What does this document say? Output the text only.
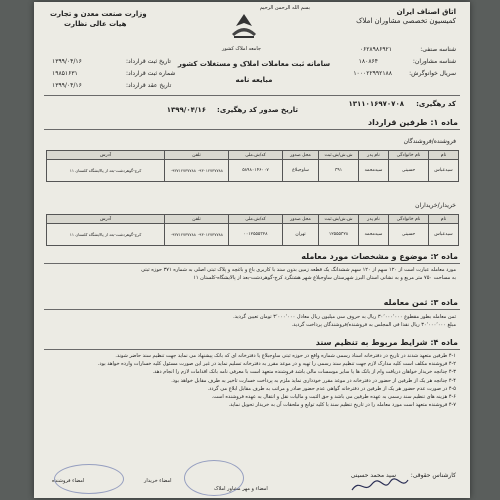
اتاق اصناف ایران
کمیسیون تخصصی مشاوران املاک
بسم الله الرحمن الرحیم
جامعه املاک کشور
وزارت صنعت معدن و تجارت
هیات عالی نظارت
شناسه صنفی:
۰۶۲۸۹۸۶۹۲۱
شناسه مشاوران:
۱۸۰۸۶۴
سریال خوانوگرش:
۱۰۰۰۲۲۹۹۲۱۸۸
تاریخ ثبت قرارداد:
۱۳۹۹/۰۴/۱۶
شماره ثبت قرارداد:
۱۹۸۵۱۶۳۱
تاریخ عقد قرارداد:
۱۳۹۹/۰۴/۱۶
سامانه ثبت معاملات املاک و مستغلات کشور
مبایعه نامه
کد رهگیری:
۱۳۱۱۰۱۶۹۷۰۷۰۸
تاریخ صدور کد رهگیری:
۱۳۹۹/۰۴/۱۶
ماده ۱: طرفین قرارداد
فروشنده/فروشندگان
نام	نام خانوادگی	نام پدر	ش.ش/ش.ثبت	محل صدور	کد/ش.ملی	تلفن	آدرس
سیدعباس	حسینی	سیدمحمد	۳۹۱	ساوجبلاغ	۵۸۹۸۰۱۴۶۰۰۷	۰۹۳۰۱۲۷۳۷۷۸۸ ۰۹۳۷۱۲۷۳۷۷۸۸	کرج-گوهردشت-بعد از پالایشگاه کلستان ۱۱
خریدار/خریداران
نام	نام خانوادگی	نام پدر	ش.ش/ش.ثبت	محل صدور	کد/ش.ملی	تلفن	آدرس
سیدعباس	حسینی	سیدمحمد	۱۲۵۵۵۳۲۸	تهران	۰۰۱۲۵۵۵۳۲۸	۰۹۳۰۱۲۷۳۷۷۸۸ ۰۹۳۷۱۲۷۳۷۷۸۸	کرج-گوهردشت-بعد از پالایشگاه کلستان ۱۱
ماده ۲: موضوع و مشخصات مورد معامله

مورد معامله عبارت است از ۱۲۰ سهم از ۱۲۰ سهم ششدانگ یک قطعه زمین بدون سند با کاربری باغ و باغچه و پلاک ثبتی اصلی به شماره ۳۷۱ حوزه ثبتی

به مساحت ۷۵۰ متر مربع و به نشانی استان البرز شهرستان ساوجبلاغ شهر هشتگرد کرج-گوهردشت-بعد از پالایشگاه-کلستان ۱۱

ماده ۳: ثمن معامله

ثمن معامله بطور مقطوع ۳۰٬۰۰۰٬۰۰۰ ریال به حروف سی میلیون ریال معادل ۳٬۰۰۰٬۰۰۰ تومان تعیین گردید.

مبلغ ۳۰٬۰۰۰٬۰۰۰ ریال نقدا فی المجلس به فروشنده/فروشندگان پرداخت گردید.

ماده ۴: شرایط مربوط به تنظیم سند

۴-۱ طرفین متعهد شدند در تاریخ در دفترخانه اسناد رسمی شماره واقع در حوزه ثبتی ساوجبلاغ یا دفترخانه ای که بانک پیشنهاد می نماید جهت تنظیم سند حاضر شوند.

۴-۲ فروشنده مکلف است کلیه مدارک لازم جهت تنظیم سند رسمی را تهیه و در موعد مقرر به دفترخانه تسلیم نماید در غیر این صورت مسئول کلیه خسارات وارده خواهد بود.

۴-۳ چنانچه خریدار خواهان دریافت وام از بانک ها یا سایر موسسات مالی باشد فروشنده متعهد است با معرفی نامه بانک اقدامات لازم را انجام دهد.

۴-۴ چنانچه هر یک از طرفین از حضور در دفترخانه در موعد مقرر خودداری نماید ملزم به پرداخت خسارت تاخیر به طرف مقابل خواهد بود.

۴-۵ در صورت عدم حضور هر یک از طرفین در دفترخانه گواهی عدم حضور صادر و مراتب به طرف مقابل ابلاغ می گردد.

۴-۶ هزینه های تنظیم سند رسمی به عهده طرفین می باشد و حق الثبت و مالیات نقل و انتقال به عهده فروشنده است.

۴-۷ فروشنده متعهد است مورد معامله را در تاریخ تنظیم سند با کلیه توابع و ملحقات آن به خریدار تحویل نماید.

کارشناس حقوقی:
سید محمد حسینی
امضاء و مهر مشاور املاک
امضاء خریدار
امضاء فروشنده
